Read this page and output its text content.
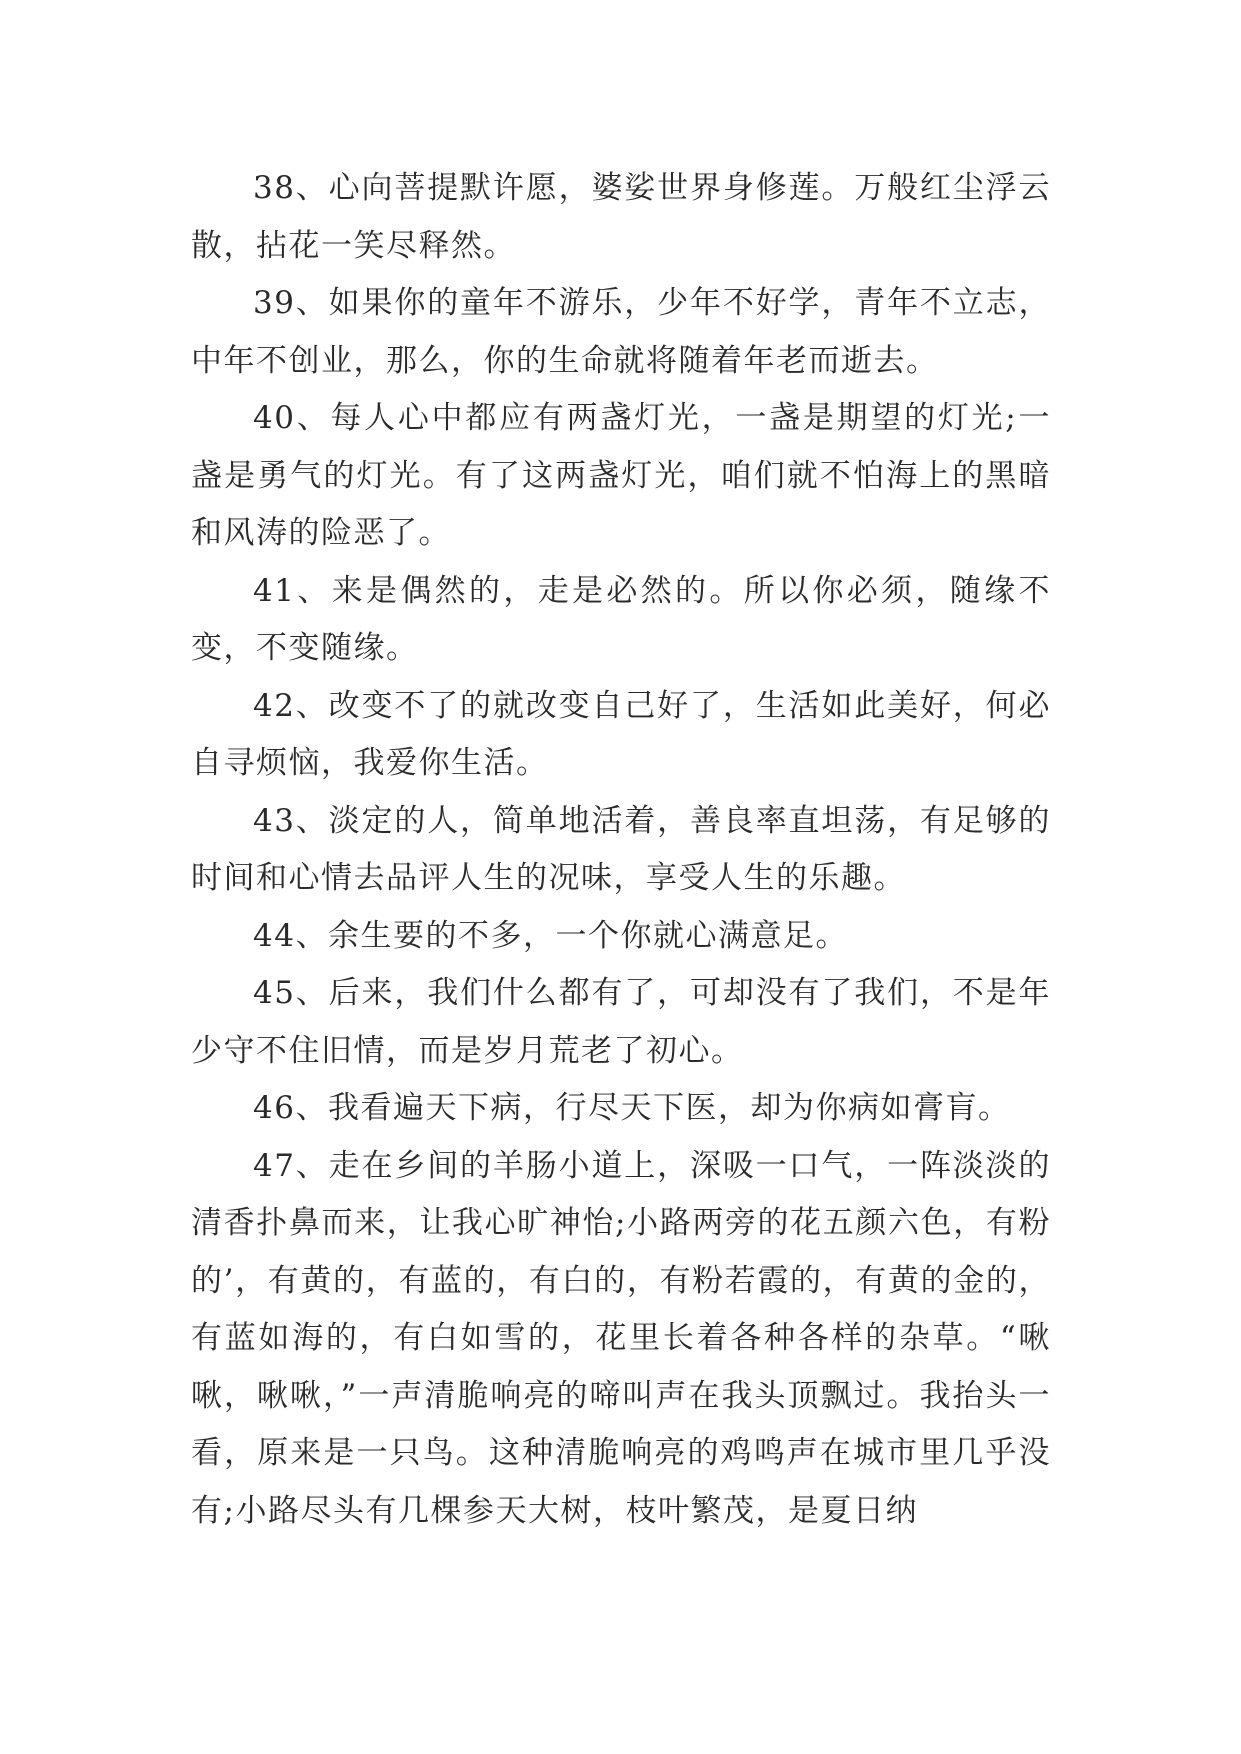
38、心向菩提默许愿，婆娑世界身修莲。万般红尘浮云散，拈花一笑尽释然。

39、如果你的童年不游乐，少年不好学，青年不立志，中年不创业，那么，你的生命就将随着年老而逝去。

40、每人心中都应有两盏灯光，一盏是期望的灯光;一盏是勇气的灯光。有了这两盏灯光，咱们就不怕海上的黑暗和风涛的险恶了。

41、来是偶然的，走是必然的。所以你必须，随缘不变，不变随缘。

42、改变不了的就改变自己好了，生活如此美好，何必自寻烦恼，我爱你生活。

43、淡定的人，简单地活着，善良率直坦荡，有足够的时间和心情去品评人生的况味，享受人生的乐趣。

44、余生要的不多，一个你就心满意足。

45、后来，我们什么都有了，可却没有了我们，不是年少守不住旧情，而是岁月荒老了初心。

46、我看遍天下病，行尽天下医，却为你病如膏肓。

47、走在乡间的羊肠小道上，深吸一口气，一阵淡淡的清香扑鼻而来，让我心旷神怡;小路两旁的花五颜六色，有粉的’，有黄的，有蓝的，有白的，有粉若霞的，有黄的金的，有蓝如海的，有白如雪的，花里长着各种各样的杂草。“啾啾，啾啾，”一声清脆响亮的啼叫声在我头顶飘过。我抬头一看，原来是一只鸟。这种清脆响亮的鸡鸣声在城市里几乎没有;小路尽头有几棵参天大树，枝叶繁茂，是夏日纳
